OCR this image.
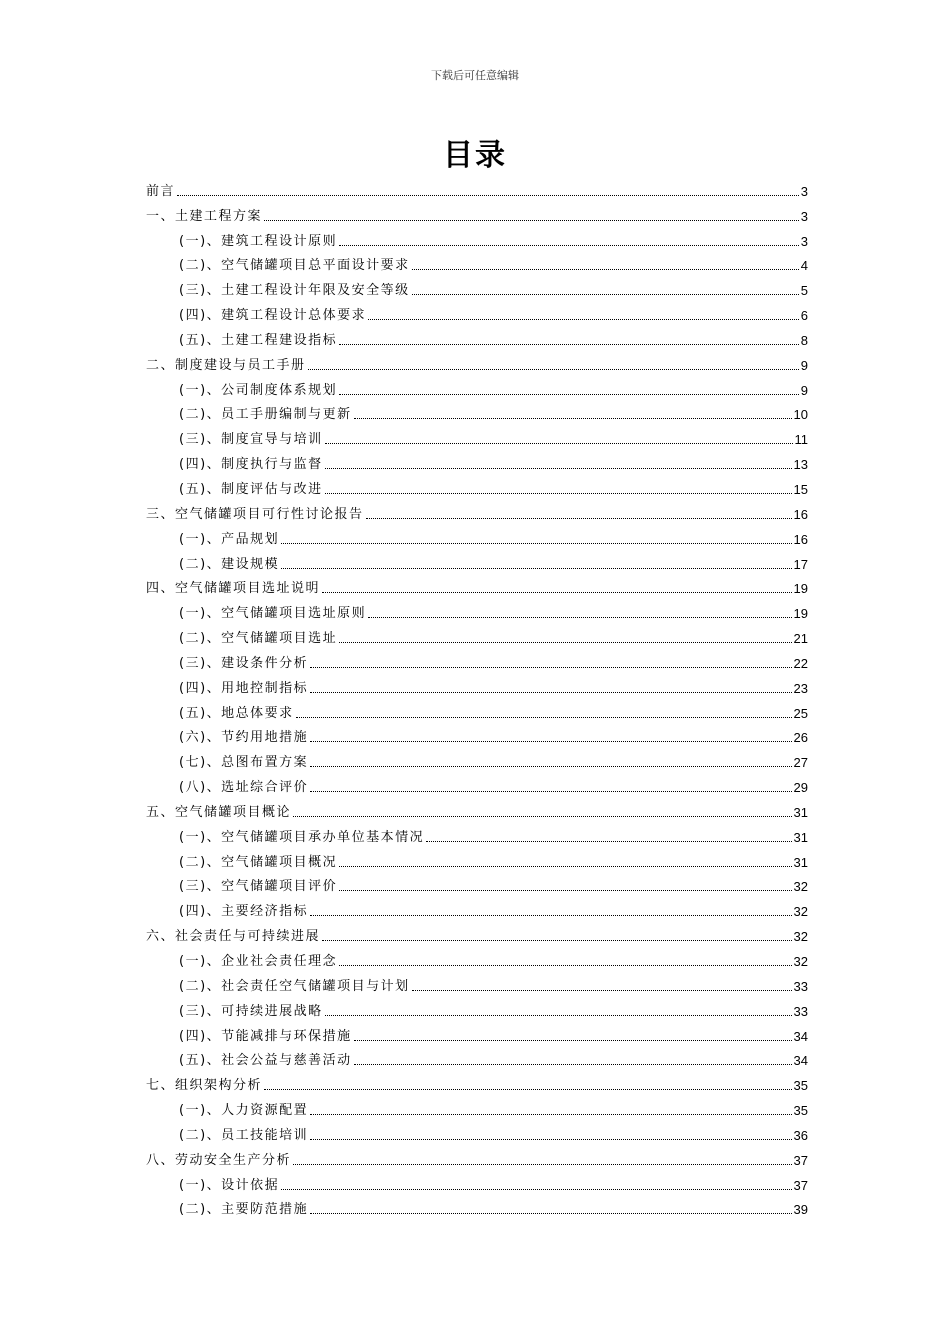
下载后可任意编辑
目录
前言	3
一、土建工程方案	3
(一)、建筑工程设计原则	3
(二)、空气储罐项目总平面设计要求	4
(三)、土建工程设计年限及安全等级	5
(四)、建筑工程设计总体要求	6
(五)、土建工程建设指标	8
二、制度建设与员工手册	9
(一)、公司制度体系规划	9
(二)、员工手册编制与更新	10
(三)、制度宣导与培训	11
(四)、制度执行与监督	13
(五)、制度评估与改进	15
三、空气储罐项目可行性讨论报告	16
(一)、产品规划	16
(二)、建设规模	17
四、空气储罐项目选址说明	19
(一)、空气储罐项目选址原则	19
(二)、空气储罐项目选址	21
(三)、建设条件分析	22
(四)、用地控制指标	23
(五)、地总体要求	25
(六)、节约用地措施	26
(七)、总图布置方案	27
(八)、选址综合评价	29
五、空气储罐项目概论	31
(一)、空气储罐项目承办单位基本情况	31
(二)、空气储罐项目概况	31
(三)、空气储罐项目评价	32
(四)、主要经济指标	32
六、社会责任与可持续进展	32
(一)、企业社会责任理念	32
(二)、社会责任空气储罐项目与计划	33
(三)、可持续进展战略	33
(四)、节能减排与环保措施	34
(五)、社会公益与慈善活动	34
七、组织架构分析	35
(一)、人力资源配置	35
(二)、员工技能培训	36
八、劳动安全生产分析	37
(一)、设计依据	37
(二)、主要防范措施	39
